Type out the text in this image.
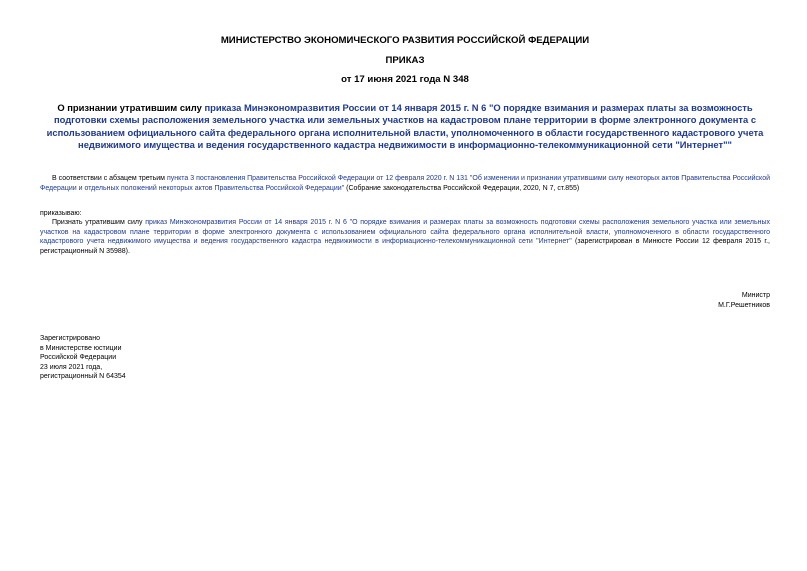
МИНИСТЕРСТВО ЭКОНОМИЧЕСКОГО РАЗВИТИЯ РОССИЙСКОЙ ФЕДЕРАЦИИ
ПРИКАЗ
от 17 июня 2021 года N 348
О признании утратившим силу приказа Минэкономразвития России от 14 января 2015 г. N 6 "О порядке взимания и размерах платы за возможность подготовки схемы расположения земельного участка или земельных участков на кадастровом плане территории в форме электронного документа с использованием официального сайта федерального органа исполнительной власти, уполномоченного в области государственного кадастрового учета недвижимого имущества и ведения государственного кадастра недвижимости в информационно-телекоммуникационной сети "Интернет""
В соответствии с абзацем третьим пункта 3 постановления Правительства Российской Федерации от 12 февраля 2020 г. N 131 "Об изменении и признании утратившими силу некоторых актов Правительства Российской Федерации и отдельных положений некоторых актов Правительства Российской Федерации" (Собрание законодательства Российской Федерации, 2020, N 7, ст.855)
приказываю:
Признать утратившим силу приказ Минэкономразвития России от 14 января 2015 г. N 6 "О порядке взимания и размерах платы за возможность подготовки схемы расположения земельного участка или земельных участков на кадастровом плане территории в форме электронного документа с использованием официального сайта федерального органа исполнительной власти, уполномоченного в области государственного кадастрового учета недвижимого имущества и ведения государственного кадастра недвижимости в информационно-телекоммуникационной сети "Интернет" (зарегистрирован в Минюсте России 12 февраля 2015 г., регистрационный N 35988).
Министр
М.Г.Решетников
Зарегистрировано
в Министерстве юстиции
Российской Федерации
23 июля 2021 года,
регистрационный N 64354
